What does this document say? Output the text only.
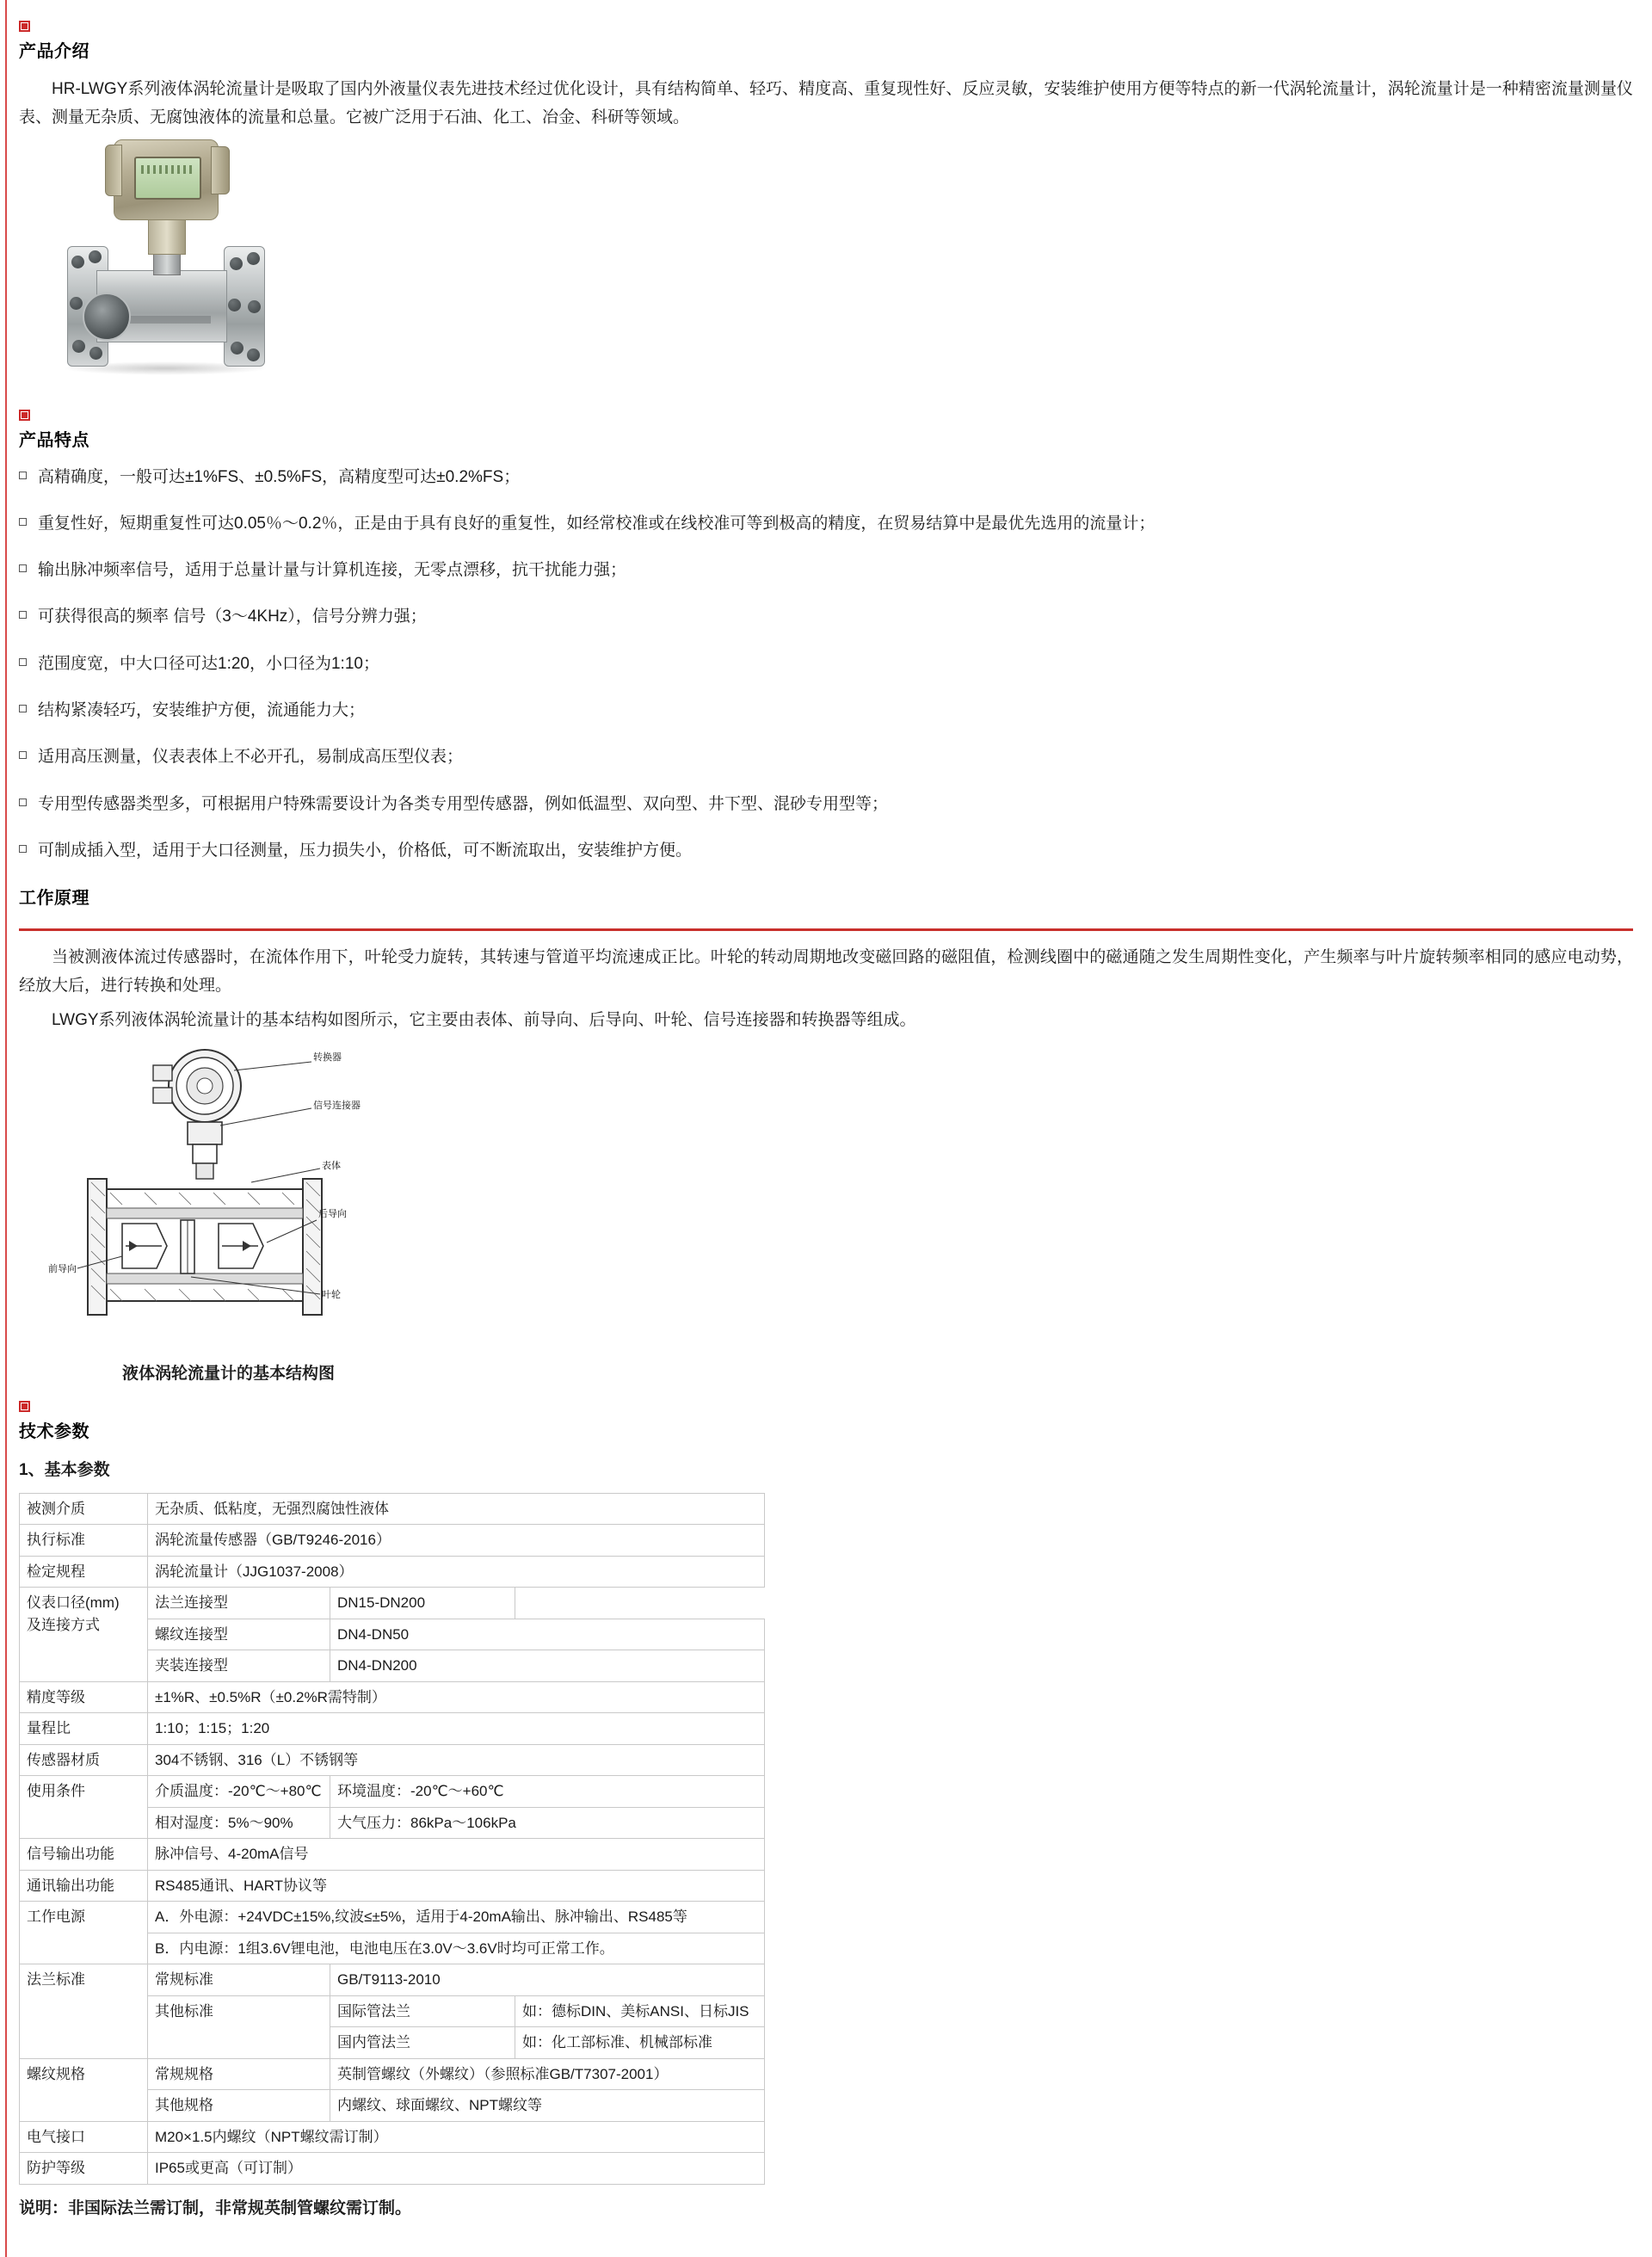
产品介绍

HR-LWGY系列液体涡轮流量计是吸取了国内外液量仪表先进技术经过优化设计，具有结构简单、轻巧、精度高、重复现性好、反应灵敏，安装维护使用方便等特点的新一代涡轮流量计，涡轮流量计是一种精密流量测量仪表、测量无杂质、无腐蚀液体的流量和总量。它被广泛用于石油、化工、冶金、科研等领域。

产品特点
高精确度，一般可达±1%FS、±0.5%FS，高精度型可达±0.2%FS；
重复性好，短期重复性可达0.05％～0.2％，正是由于具有良好的重复性，如经常校准或在线校准可等到极高的精度，在贸易结算中是最优先选用的流量计；
输出脉冲频率信号，适用于总量计量与计算机连接，无零点漂移，抗干扰能力强；
可获得很高的频率 信号（3～4KHz），信号分辨力强；
范围度宽，中大口径可达1:20，小口径为1:10；
结构紧凑轻巧，安装维护方便，流通能力大；
适用高压测量，仪表表体上不必开孔，易制成高压型仪表；
专用型传感器类型多，可根据用户特殊需要设计为各类专用型传感器，例如低温型、双向型、井下型、混砂专用型等；
可制成插入型，适用于大口径测量，压力损失小，价格低，可不断流取出，安装维护方便。
工作原理

当被测液体流过传感器时，在流体作用下，叶轮受力旋转，其转速与管道平均流速成正比。叶轮的转动周期地改变磁回路的磁阻值，检测线圈中的磁通随之发生周期性变化，产生频率与叶片旋转频率相同的感应电动势，经放大后，进行转换和处理。

LWGY系列液体涡轮流量计的基本结构如图所示，它主要由表体、前导向、后导向、叶轮、信号连接器和转换器等组成。

转换器
信号连接器
表体
后导向
前导向
叶轮
液体涡轮流量计的基本结构图
技术参数
1、基本参数
被测介质	无杂质、低粘度，无强烈腐蚀性液体		
执行标准	涡轮流量传感器（GB/T9246-2016）		
检定规程	涡轮流量计（JJG1037-2008）		
仪表口径(mm)
及连接方式	法兰连接型	DN15-DN200	
	螺纹连接型	DN4-DN50	
	夹装连接型	DN4-DN200	
精度等级	±1%R、±0.5%R（±0.2%R需特制）		
量程比	1:10；1:15；1:20		
传感器材质	304不锈钢、316（L）不锈钢等		
使用条件	介质温度：-20℃～+80℃	环境温度：-20℃～+60℃	
	相对湿度：5%～90%	大气压力：86kPa～106kPa	
信号输出功能	脉冲信号、4-20mA信号		
通讯输出功能	RS485通讯、HART协议等		
工作电源	A．外电源：+24VDC±15%,纹波≤±5%，适用于4-20mA输出、脉冲输出、RS485等		
	B．内电源：1组3.6V锂电池，电池电压在3.0V～3.6V时均可正常工作。		
法兰标准	常规标准	GB/T9113-2010	
	其他标准	国际管法兰	如：德标DIN、美标ANSI、日标JIS
		国内管法兰	如：化工部标准、机械部标准
螺纹规格	常规规格	英制管螺纹（外螺纹）（参照标准GB/T7307-2001）	
	其他规格	内螺纹、球面螺纹、NPT螺纹等	
电气接口	M20×1.5内螺纹（NPT螺纹需订制）		
防护等级	IP65或更高（可订制）		

说明：非国际法兰需订制，非常规英制管螺纹需订制。
